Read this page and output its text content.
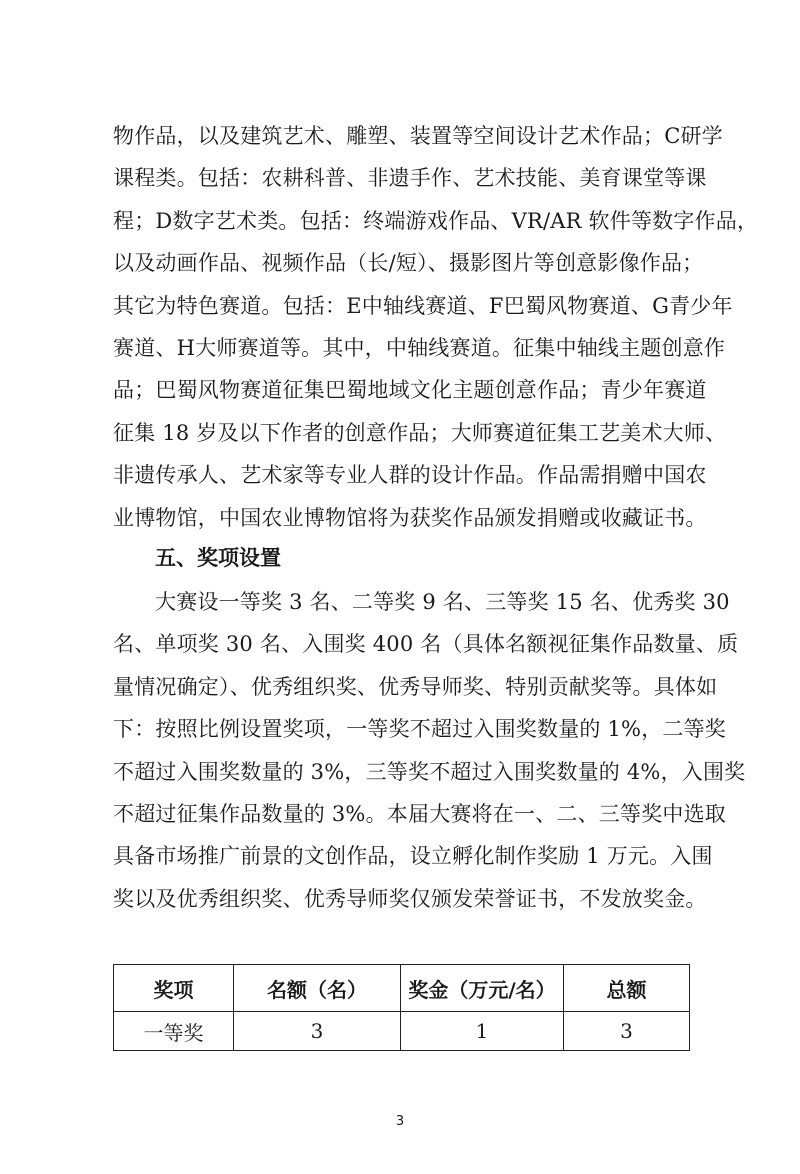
物作品，以及建筑艺术、雕塑、装置等空间设计艺术作品；C研学
课程类。包括：农耕科普、非遗手作、艺术技能、美育课堂等课
程；D数字艺术类。包括：终端游戏作品、VR/AR 软件等数字作品，
以及动画作品、视频作品（长/短）、摄影图片等创意影像作品；
其它为特色赛道。包括：E中轴线赛道、F巴蜀风物赛道、G青少年
赛道、H大师赛道等。其中，中轴线赛道。征集中轴线主题创意作
品；巴蜀风物赛道征集巴蜀地域文化主题创意作品；青少年赛道
征集 18 岁及以下作者的创意作品；大师赛道征集工艺美术大师、
非遗传承人、艺术家等专业人群的设计作品。作品需捐赠中国农
业博物馆，中国农业博物馆将为获奖作品颁发捐赠或收藏证书。
五、奖项设置
大赛设一等奖 3 名、二等奖 9 名、三等奖 15 名、优秀奖 30
名、单项奖 30 名、入围奖 400 名（具体名额视征集作品数量、质
量情况确定）、优秀组织奖、优秀导师奖、特别贡献奖等。具体如
下：按照比例设置奖项，一等奖不超过入围奖数量的 1%，二等奖
不超过入围奖数量的 3%，三等奖不超过入围奖数量的 4%，入围奖
不超过征集作品数量的 3%。本届大赛将在一、二、三等奖中选取
具备市场推广前景的文创作品，设立孵化制作奖励 1 万元。入围
奖以及优秀组织奖、优秀导师奖仅颁发荣誉证书，不发放奖金。
奖项	名额（名）	奖金（万元/名）	总额
一等奖	3	1	3
3
